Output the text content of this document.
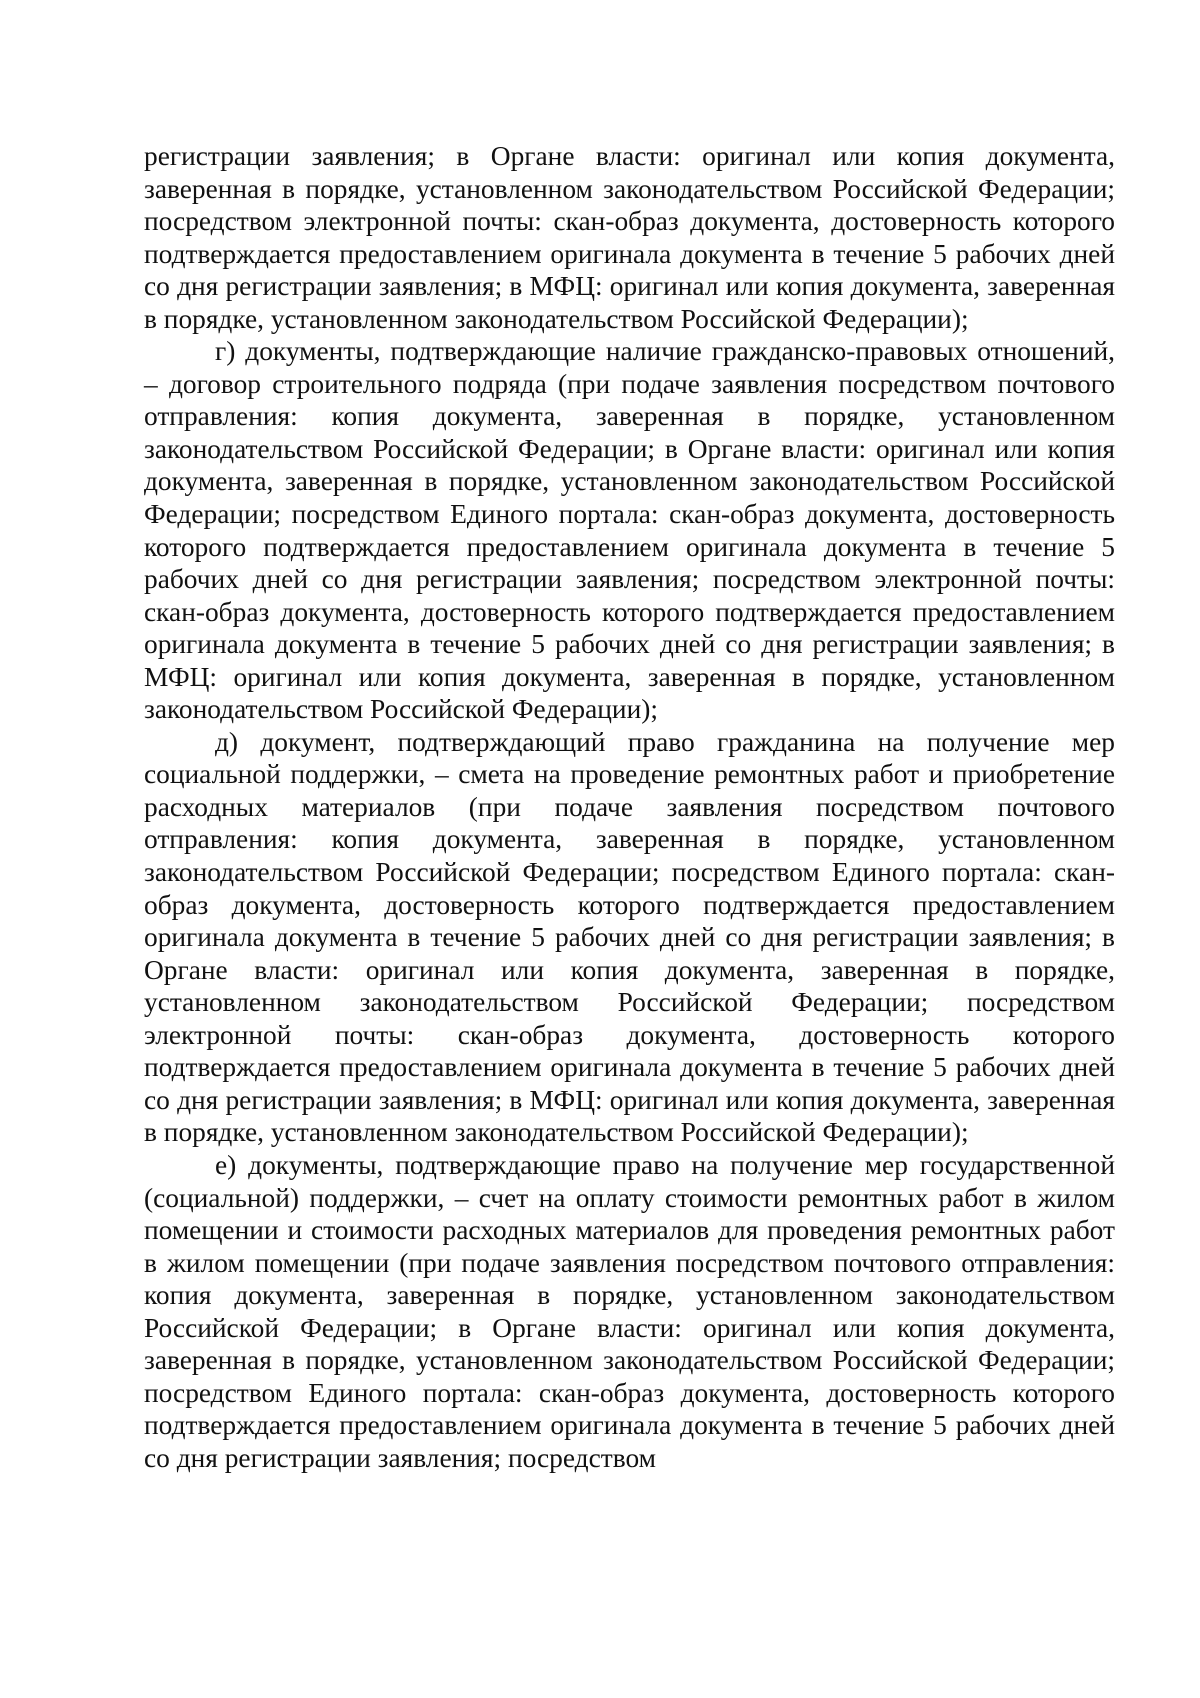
регистрации заявления; в Органе власти: оригинал или копия документа, заверенная в порядке, установленном законодательством Российской Федерации; посредством электронной почты: скан-образ документа, достоверность которого подтверждается предоставлением оригинала документа в течение 5 рабочих дней со дня регистрации заявления; в МФЦ: оригинал или копия документа, заверенная в порядке, установленном законодательством Российской Федерации);

г) документы, подтверждающие наличие гражданско-правовых отношений, – договор строительного подряда (при подаче заявления посредством почтового отправления: копия документа, заверенная в порядке, установленном законодательством Российской Федерации; в Органе власти: оригинал или копия документа, заверенная в порядке, установленном законодательством Российской Федерации; посредством Единого портала: скан-образ документа, достоверность которого подтверждается предоставлением оригинала документа в течение 5 рабочих дней со дня регистрации заявления; посредством электронной почты: скан-образ документа, достоверность которого подтверждается предоставлением оригинала документа в течение 5 рабочих дней со дня регистрации заявления; в МФЦ: оригинал или копия документа, заверенная в порядке, установленном законодательством Российской Федерации);

д) документ, подтверждающий право гражданина на получение мер социальной поддержки, – смета на проведение ремонтных работ и приобретение расходных материалов (при подаче заявления посредством почтового отправления: копия документа, заверенная в порядке, установленном законодательством Российской Федерации; посредством Единого портала: скан-образ документа, достоверность которого подтверждается предоставлением оригинала документа в течение 5 рабочих дней со дня регистрации заявления; в Органе власти: оригинал или копия документа, заверенная в порядке, установленном законодательством Российской Федерации; посредством электронной почты: скан-образ документа, достоверность которого подтверждается предоставлением оригинала документа в течение 5 рабочих дней со дня регистрации заявления; в МФЦ: оригинал или копия документа, заверенная в порядке, установленном законодательством Российской Федерации);

е) документы, подтверждающие право на получение мер государственной (социальной) поддержки, – счет на оплату стоимости ремонтных работ в жилом помещении и стоимости расходных материалов для проведения ремонтных работ в жилом помещении (при подаче заявления посредством почтового отправления: копия документа, заверенная в порядке, установленном законодательством Российской Федерации; в Органе власти: оригинал или копия документа, заверенная в порядке, установленном законодательством Российской Федерации; посредством Единого портала: скан-образ документа, достоверность которого подтверждается предоставлением оригинала документа в течение 5 рабочих дней со дня регистрации заявления; посредством
